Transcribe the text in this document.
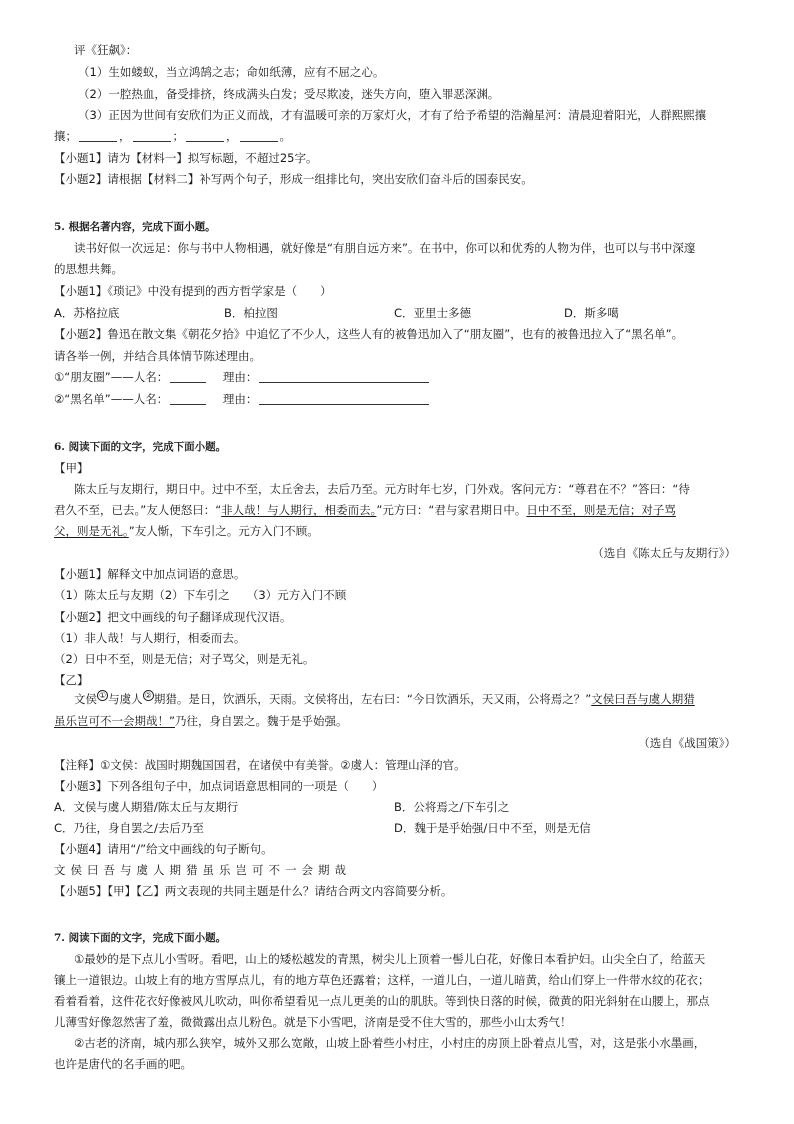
评《狂飙》：
（1）生如蝼蚁，当立鸿鹄之志；命如纸薄，应有不屈之心。
（2）一腔热血，备受排挤，终成满头白发；受尽欺凌，迷失方向，堕入罪恶深渊。
（3）正因为世间有安欣们为正义而战，才有温暖可亲的万家灯火，才有了给予希望的浩瀚星河：清晨迎着阳光，人群熙熙攘
攘；	，	；	，	。
【小题1】请为【材料一】拟写标题，不超过25字。
【小题2】请根据【材料二】补写两个句子，形成一组排比句，突出安欣们奋斗后的国泰民安。
5. 根据名著内容，完成下面小题。
读书好似一次远足：你与书中人物相遇，就好像是“有朋自远方来”。在书中，你可以和优秀的人物为伴，也可以与书中深邃
的思想共舞。
【小题1】《琐记》中没有提到的西方哲学家是（　　）
A．苏格拉底	B．柏拉图	C．亚里士多德	D．斯多噶
【小题2】鲁迅在散文集《朝花夕拾》中追忆了不少人，这些人有的被鲁迅加入了“朋友圈”，也有的被鲁迅拉入了“黑名单”。
请各举一例，并结合具体情节陈述理由。
①“朋友圈”——人名：	理由：
②“黑名单”——人名：	理由：
6. 阅读下面的文字，完成下面小题。
【甲】
陈太丘与友期行，期日中。过中不至，太丘舍去，去后乃至。元方时年七岁，门外戏。客问元方：“尊君在不？”答曰：“待
君久不至，已去。”友人便怒曰：“非人哉！与人期行，相委而去。”元方曰：“君与家君期日中。日中不至，则是无信；对子骂
父，则是无礼。”友人惭，下车引之。元方入门不顾。
（选自《陈太丘与友期行》）
【小题1】解释文中加点词语的意思。
（1）陈太丘与友期（2）下车引之　　（3）元方入门不顾
【小题2】把文中画线的句子翻译成现代汉语。
（1）非人哉！与人期行，相委而去。
（2）日中不至，则是无信；对子骂父，则是无礼。
【乙】
文侯 ① 与虞人 ② 期猎。是日，饮酒乐，天雨。文侯将出，左右曰：“今日饮酒乐，天又雨，公将焉之？”文侯曰吾与虞人期猎
虽乐岂可不一会期哉！”乃往，身自罢之。魏于是乎始强。
（选自《战国策》）
【注释】①文侯：战国时期魏国国君，在诸侯中有美誉。②虞人：管理山泽的官。
【小题3】下列各组句子中，加点词语意思相同的一项是（　　）
A．文侯与虞人期猎/陈太丘与友期行	B．公将焉之/下车引之
C．乃往，身自罢之/去后乃至	D．魏于是乎始强/日中不至，则是无信
【小题4】请用“/”给文中画线的句子断句。
文侯曰吾与虞人期猎虽乐岂可不一会期哉
【小题5】【甲】【乙】两文表现的共同主题是什么？请结合两文内容简要分析。
7. 阅读下面的文字，完成下面小题。
①最妙的是下点儿小雪呀。看吧，山上的矮松越发的青黑，树尖儿上顶着一髻儿白花，好像日本看护妇。山尖全白了，给蓝天
镶上一道银边。山坡上有的地方雪厚点儿，有的地方草色还露着；这样，一道儿白，一道儿暗黄，给山们穿上一件带水纹的花衣；
看着看着，这件花衣好像被风儿吹动，叫你希望看见一点儿更美的山的肌肤。等到快日落的时候，微黄的阳光斜射在山腰上，那点
儿薄雪好像忽然害了羞，微微露出点儿粉色。就是下小雪吧，济南是受不住大雪的，那些小山太秀气！
②古老的济南，城内那么狭窄，城外又那么宽敞，山坡上卧着些小村庄，小村庄的房顶上卧着点儿雪，对，这是张小水墨画，
也许是唐代的名手画的吧。
